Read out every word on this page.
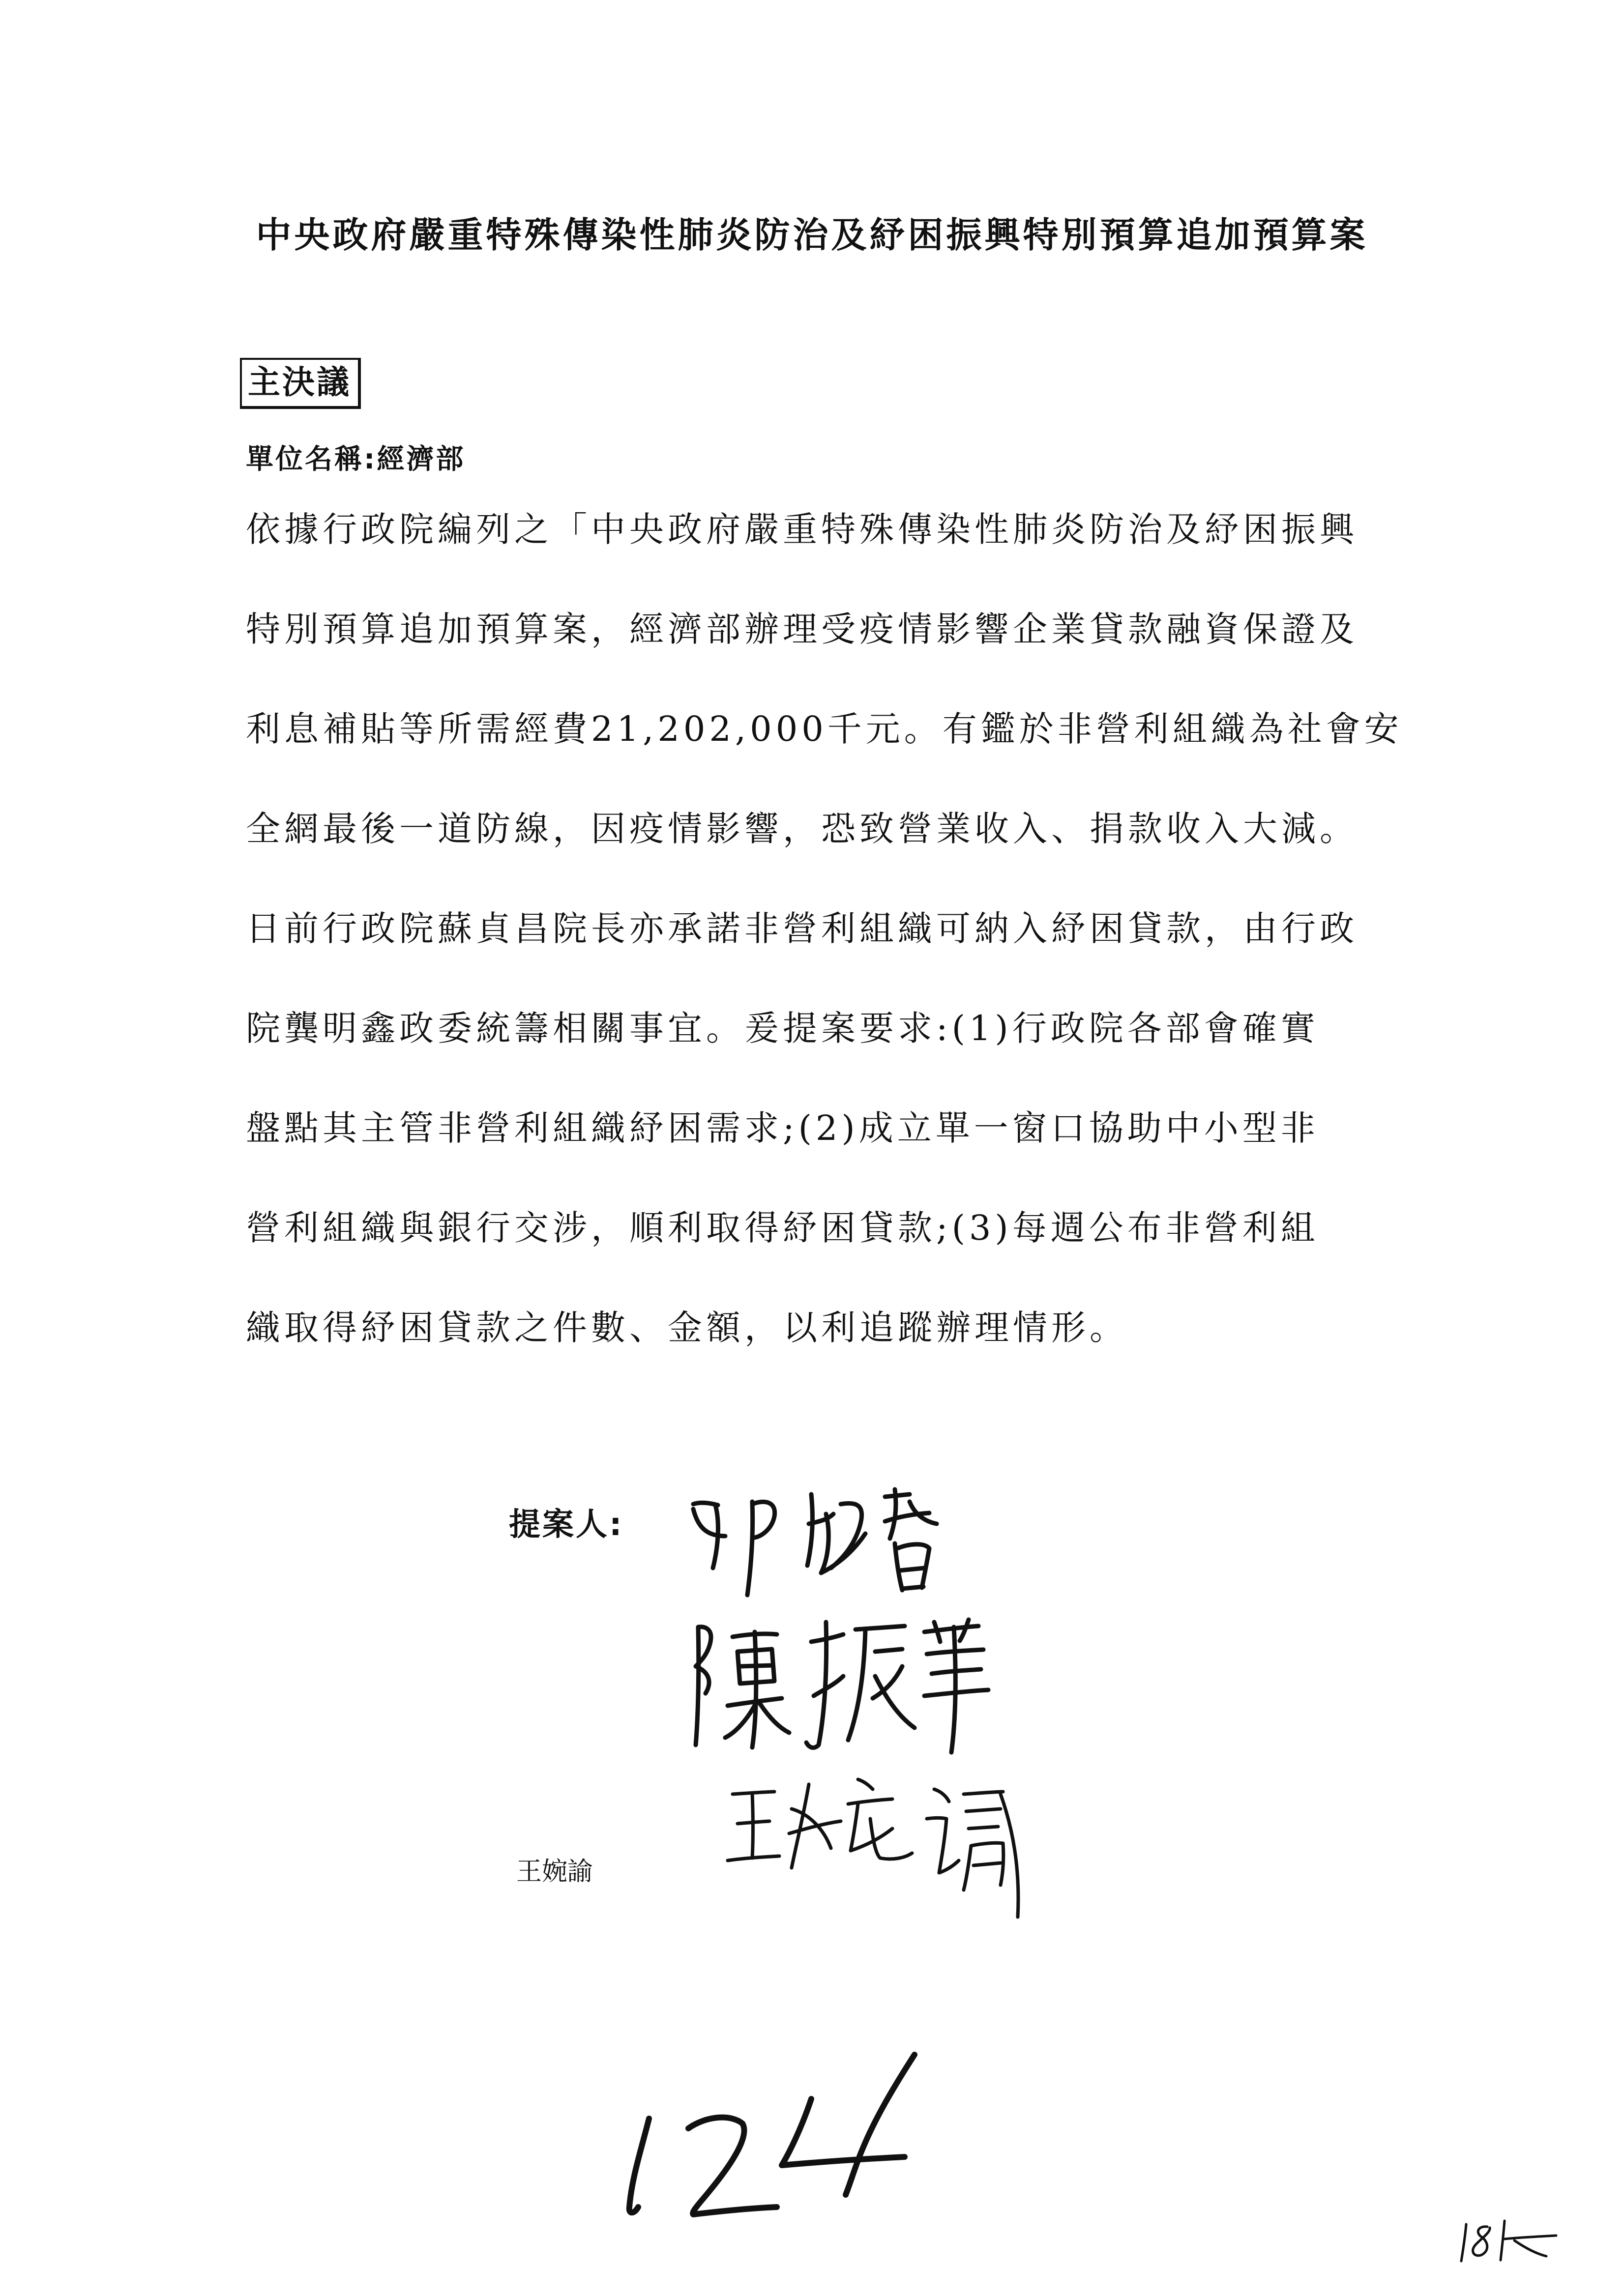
中央政府嚴重特殊傳染性肺炎防治及紓困振興特別預算追加預算案
主決議
單位名稱:經濟部
依據行政院編列之「中央政府嚴重特殊傳染性肺炎防治及紓困振興
特別預算追加預算案，經濟部辦理受疫情影響企業貸款融資保證及
利息補貼等所需經費21,202,000千元。有鑑於非營利組織為社會安
全網最後一道防線，因疫情影響，恐致營業收入、捐款收入大減。
日前行政院蘇貞昌院長亦承諾非營利組織可納入紓困貸款，由行政
院龔明鑫政委統籌相關事宜。爰提案要求:(1)行政院各部會確實
盤點其主管非營利組織紓困需求;(2)成立單一窗口協助中小型非
營利組織與銀行交涉，順利取得紓困貸款;(3)每週公布非營利組
織取得紓困貸款之件數、金額，以利追蹤辦理情形。
提案人:
王婉諭
